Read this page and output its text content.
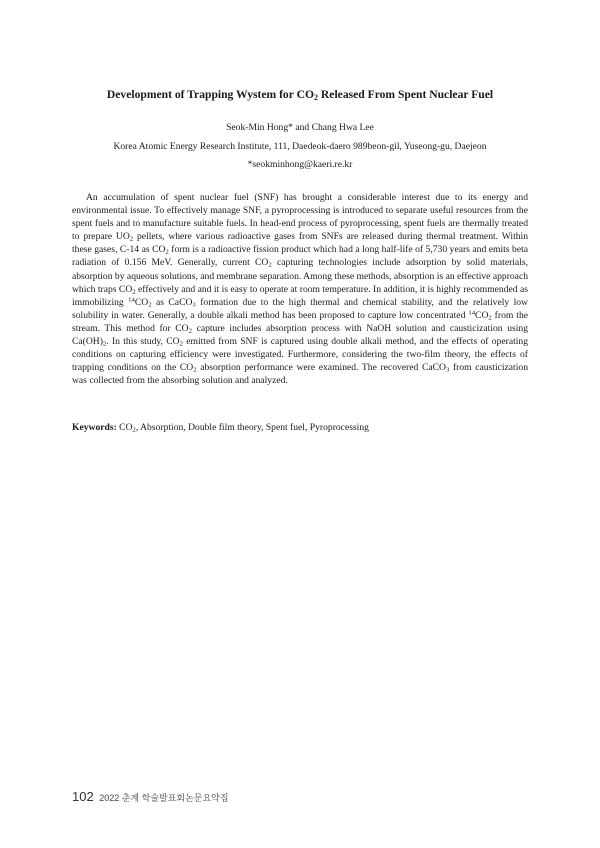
Development of Trapping Wystem for $CO_2$ Released From Spent Nuclear Fuel
Seok-Min Hong* and Chang Hwa Lee
Korea Atomic Energy Research Institute, 111, Daedeok-daero 989beon-gil, Yuseong-gu, Daejeon
*seokminhong@kaeri.re.kr

An accumulation of spent nuclear fuel (SNF) has brought a considerable interest due to its energy and environmental issue. To effectively manage SNF, a pyroprocessing is introduced to separate useful resources from the spent fuels and to manufacture suitable fuels. In head-end process of pyroprocessing, spent fuels are thermally treated to prepare $UO_2$ pellets, where various radioactive gases from SNFs are released during thermal treatment. Within these gases, C-14 as $CO_2$ form is a radioactive fission product which had a long half-life of 5,730 years and emits beta radiation of 0.156 MeV. Generally, current $CO_2$ capturing technologies include adsorption by solid materials, absorption by aqueous solutions, and membrane separation. Among these methods, absorption is an effective approach which traps $CO_2$ effectively and and it is easy to operate at room temperature. In addition, it is highly recommended as immobilizing $^{14}CO_2$ as CaCO$_3$ formation due to the high thermal and chemical stability, and the relatively low solubility in water. Generally, a double alkali method has been proposed to capture low concentrated $^{14}CO_2$ from the stream. This method for $CO_2$ capture includes absorption process with NaOH solution and causticization using $Ca(OH)_2$. In this study, $CO_2$ emitted from SNF is captured using double alkali method, and the effects of operating conditions on capturing efficiency were investigated. Furthermore, considering the two-film theory, the effects of trapping conditions on the $CO_2$ absorption performance were examined. The recovered CaCO$_3$ from causticization was collected from the absorbing solution and analyzed.

Keywords: $CO_2$, Absorption, Double film theory, Spent fuel, Pyroprocessing
102 2022 춘계 학술발표회논문요약집
